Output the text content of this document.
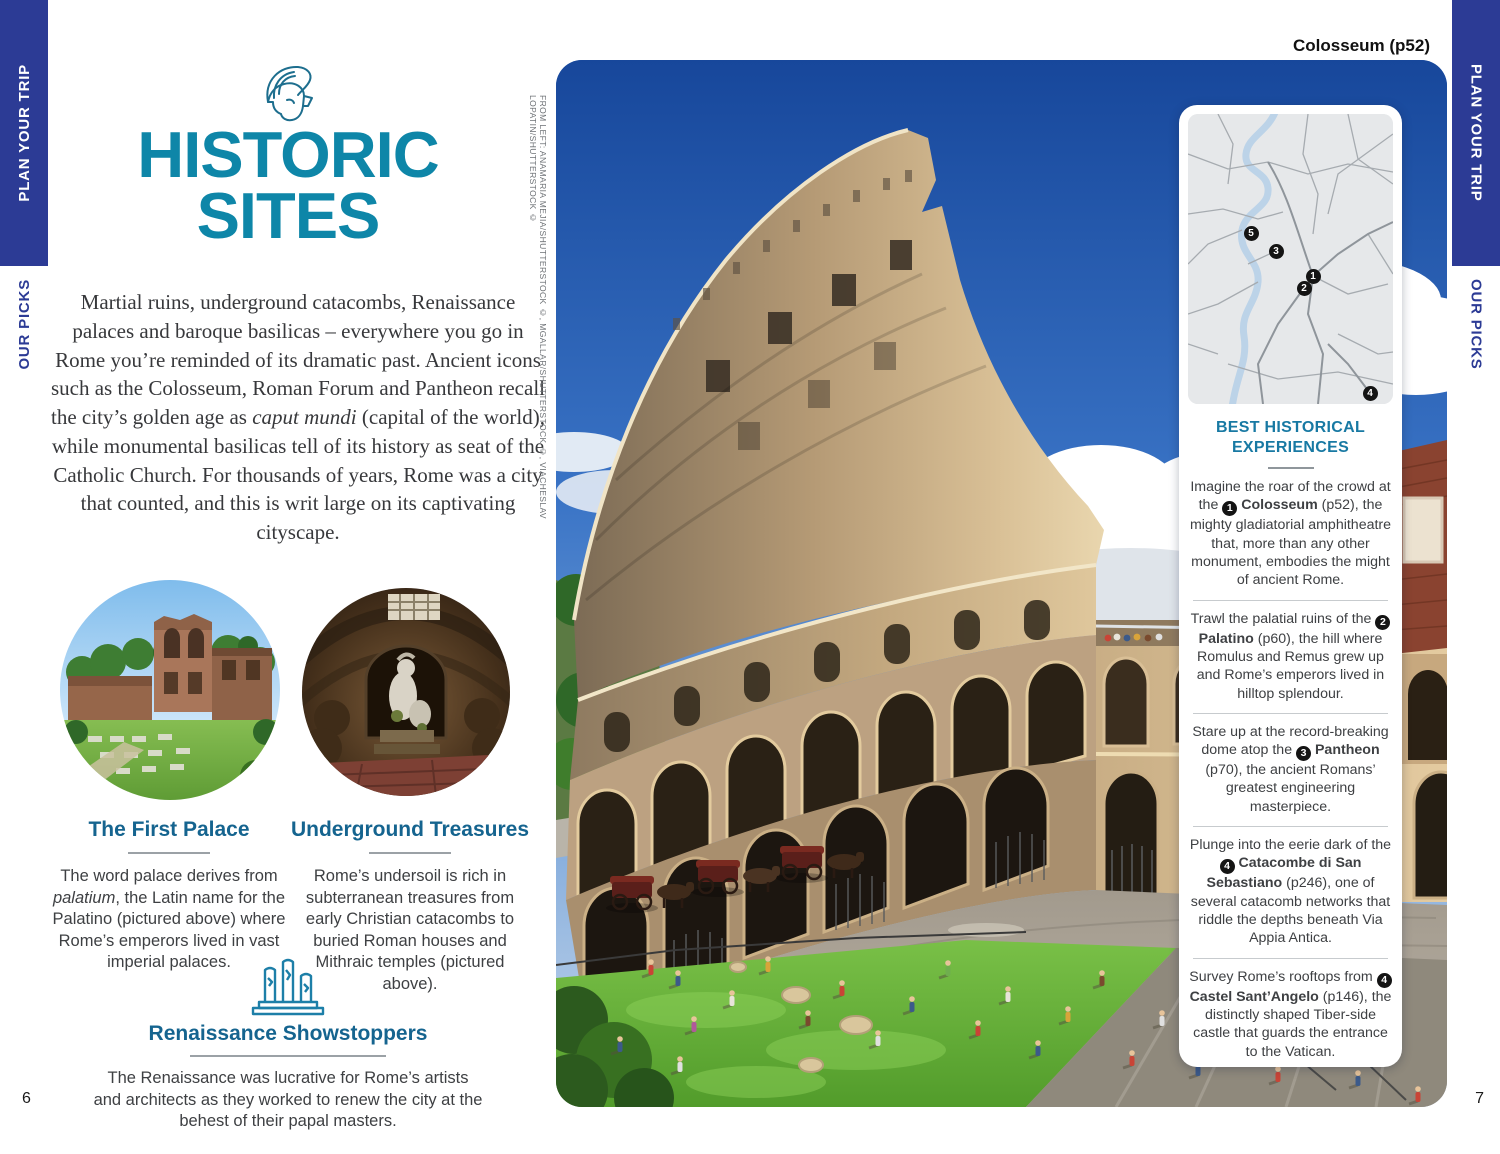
PLAN YOUR TRIP
OUR PICKS
PLAN YOUR TRIP
OUR PICKS
Colosseum (p52)
HISTORIC
SITES

Martial ruins, underground catacombs, Renaissance palaces and baroque basilicas – everywhere you go in Rome you’re reminded of its dramatic past. Ancient icons such as the Colosseum, Roman Forum and Pantheon recall the city’s golden age as caput mundi (capital of the world), while monumental basilicas tell of its history as seat of the Catholic Church. For thousands of years, Rome was a city that counted, and this is writ large on its captivating cityscape.

The First Palace

The word palace derives from palatium, the Latin name for the Palatino (pictured above) where Rome’s emperors lived in vast imperial palaces.

Underground Treasures

Rome’s undersoil is rich in subterranean treasures from early Christian catacombs to buried Roman houses and Mithraic temples (pictured above).

Renaissance Showstoppers

The Renaissance was lucrative for Rome’s artists and architects as they worked to renew the city at the behest of their papal masters.

6	7
FROM LEFT: ANAMARIA MEJIA/SHUTTERSTOCK ©, MGALLAR/SHUTTERSTOCK ©, VIACHESLAV LOPATIN/SHUTTERSTOCK ©
5
3
1
2
4
BEST HISTORICAL EXPERIENCES
Imagine the roar of the crowd at the 1 Colosseum (p52), the mighty gladiatorial amphitheatre that, more than any other monument, embodies the might of ancient Rome.
Trawl the palatial ruins of the 2 Palatino (p60), the hill where Romulus and Remus grew up and Rome’s emperors lived in hilltop splendour.
Stare up at the record-breaking dome atop the 3 Pantheon (p70), the ancient Romans’ greatest engineering masterpiece.
Plunge into the eerie dark of the 4 Catacombe di San Sebastiano (p246), one of several catacomb networks that riddle the depths beneath Via Appia Antica.
Survey Rome’s rooftops from 4 Castel Sant’Angelo (p146), the distinctly shaped Tiber-side castle that guards the entrance to the Vatican.
